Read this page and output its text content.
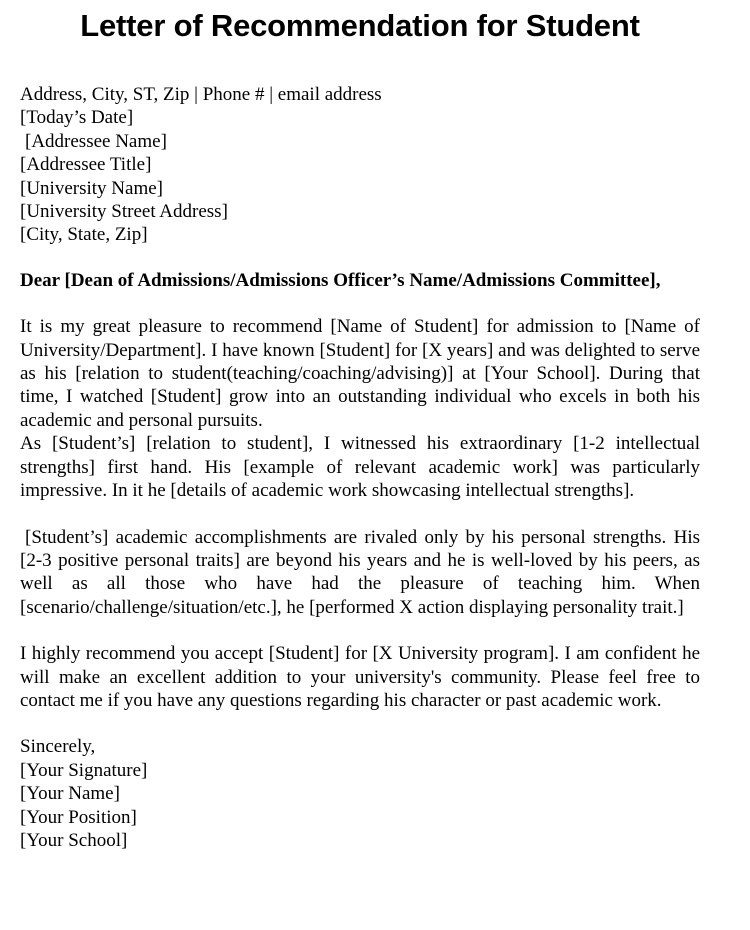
Letter of Recommendation for Student
Address, City, ST, Zip | Phone # | email address
[Today’s Date]
[Addressee Name]
[Addressee Title]
[University Name]
[University Street Address]
[City, State, Zip]
Dear [Dean of Admissions/Admissions Officer’s Name/Admissions Committee],
It is my great pleasure to recommend [Name of Student] for admission to [Name of University/Department]. I have known [Student] for [X years] and was delighted to serve as his [relation to student(teaching/coaching/advising)] at [Your School]. During that time, I watched [Student] grow into an outstanding individual who excels in both his academic and personal pursuits.
As [Student’s] [relation to student], I witnessed his extraordinary [1-2 intellectual strengths] first hand. His [example of relevant academic work] was particularly impressive. In it he [details of academic work showcasing intellectual strengths].
[Student’s] academic accomplishments are rivaled only by his personal strengths. His [2-3 positive personal traits] are beyond his years and he is well-loved by his peers, as well as all those who have had the pleasure of teaching him. When [scenario/challenge/situation/etc.], he [performed X action displaying personality trait.]
I highly recommend you accept [Student] for [X University program]. I am confident he will make an excellent addition to your university's community. Please feel free to contact me if you have any questions regarding his character or past academic work.
Sincerely,
[Your Signature]
[Your Name]
[Your Position]
[Your School]
